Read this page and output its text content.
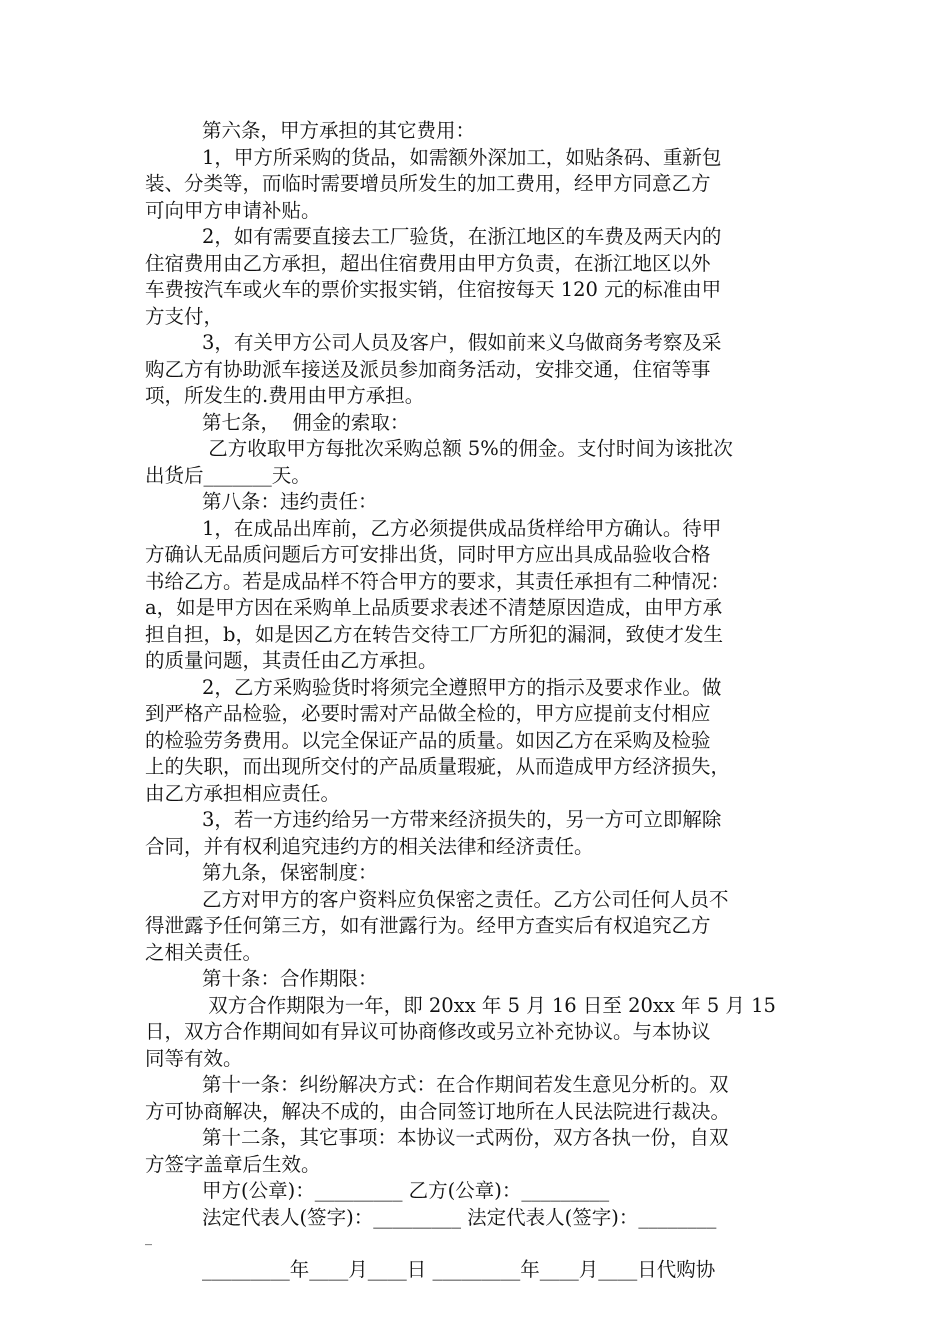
第六条，甲方承担的其它费用：
1，甲方所采购的货品，如需额外深加工，如贴条码、重新包
装、分类等，而临时需要增员所发生的加工费用，经甲方同意乙方
可向甲方申请补贴。
2，如有需要直接去工厂验货，在浙江地区的车费及两天内的
住宿费用由乙方承担，超出住宿费用由甲方负责，在浙江地区以外
车费按汽车或火车的票价实报实销，住宿按每天 120 元的标准由甲
方支付，
3，有关甲方公司人员及客户，假如前来义乌做商务考察及采
购乙方有协助派车接送及派员参加商务活动，安排交通，住宿等事
项，所发生的.费用由甲方承担。
第七条，  佣金的索取：
乙方收取甲方每批次采购总额 5%的佣金。支付时间为该批次
出货后_______天。
第八条：违约责任：
1，在成品出库前，乙方必须提供成品货样给甲方确认。待甲
方确认无品质问题后方可安排出货，同时甲方应出具成品验收合格
书给乙方。若是成品样不符合甲方的要求，其责任承担有二种情况：
a，如是甲方因在采购单上品质要求表述不清楚原因造成，由甲方承
担自担，b，如是因乙方在转告交待工厂方所犯的漏洞，致使才发生
的质量问题，其责任由乙方承担。
2，乙方采购验货时将须完全遵照甲方的指示及要求作业。做
到严格产品检验，必要时需对产品做全检的，甲方应提前支付相应
的检验劳务费用。以完全保证产品的质量。如因乙方在采购及检验
上的失职，而出现所交付的产品质量瑕疵，从而造成甲方经济损失，
由乙方承担相应责任。
3，若一方违约给另一方带来经济损失的，另一方可立即解除
合同，并有权利追究违约方的相关法律和经济责任。
第九条，保密制度：
乙方对甲方的客户资料应负保密之责任。乙方公司任何人员不
得泄露予任何第三方，如有泄露行为。经甲方查实后有权追究乙方
之相关责任。
第十条：合作期限：
双方合作期限为一年，即 20xx 年 5 月 16 日至 20xx 年 5 月 15
日，双方合作期间如有异议可协商修改或另立补充协议。与本协议
同等有效。
第十一条：纠纷解决方式：在合作期间若发生意见分析的。双
方可协商解决，解决不成的，由合同签订地所在人民法院进行裁决。
第十二条，其它事项：本协议一式两份，双方各执一份，自双
方签字盖章后生效。
甲方(公章)：_________ 乙方(公章)：_________
法定代表人(签字)：_________ 法定代表人(签字)：________
_
_________年____月____日 _________年____月____日代购协
